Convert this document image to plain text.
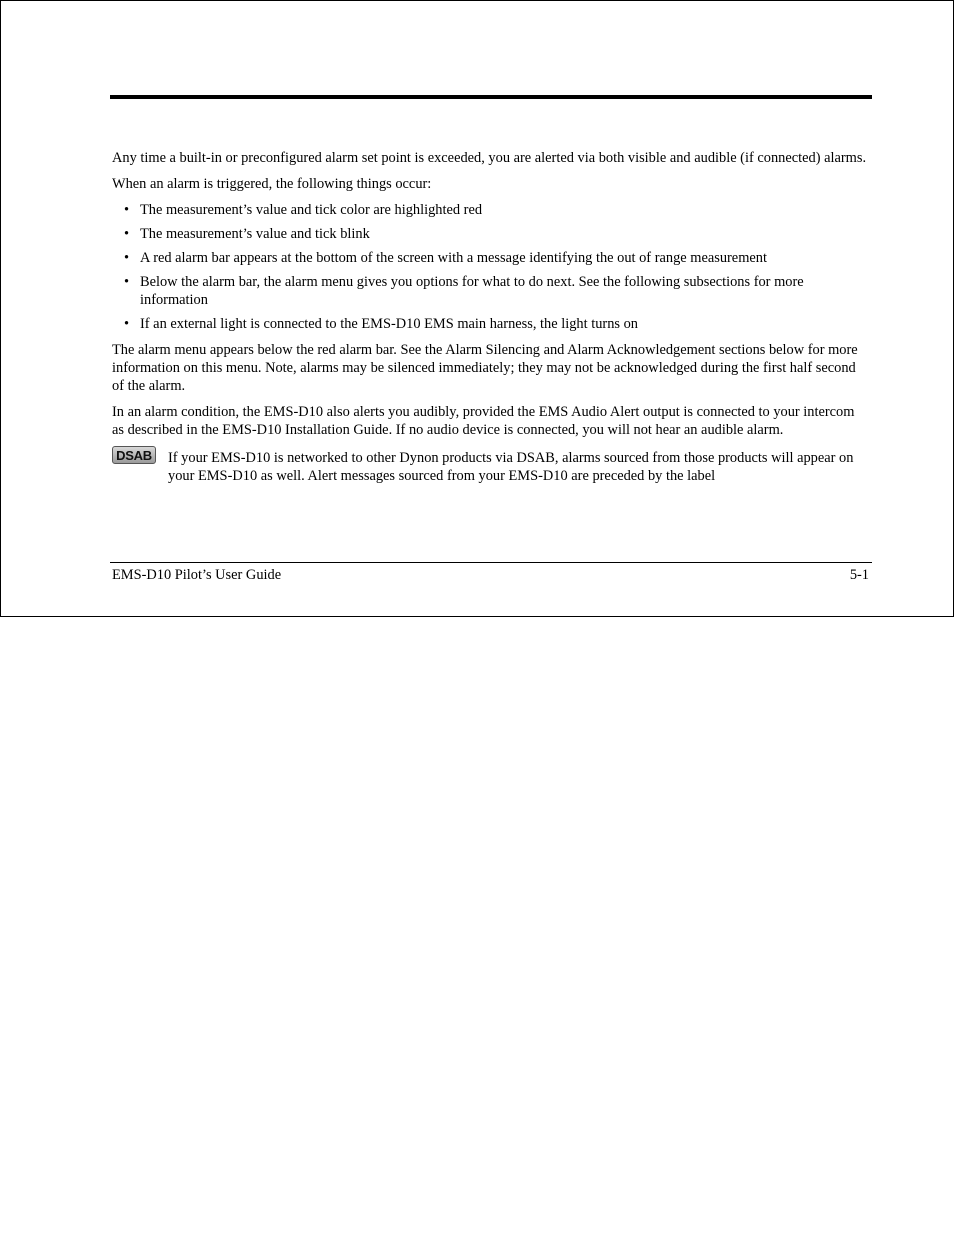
Any time a built-in or preconfigured alarm set point is exceeded, you are alerted via both visible and audible (if connected) alarms.

When an alarm is triggered, the following things occur:

• The measurement’s value and tick color are highlighted red
• The measurement’s value and tick blink
• A red alarm bar appears at the bottom of the screen with a message identifying the out of range measurement
• Below the alarm bar, the alarm menu gives you options for what to do next. See the following subsections for more information
• If an external light is connected to the EMS-D10 EMS main harness, the light turns on

The alarm menu appears below the red alarm bar. See the Alarm Silencing and Alarm Acknowledgement sections below for more information on this menu. Note, alarms may be silenced immediately; they may not be acknowledged during the first half second of the alarm.

In an alarm condition, the EMS-D10 also alerts you audibly, provided the EMS Audio Alert output is connected to your intercom as described in the EMS-D10 Installation Guide. If no audio device is connected, you will not hear an audible alarm.

DSAB If your EMS-D10 is networked to other Dynon products via DSAB, alarms sourced from those products will appear on your EMS-D10 as well. Alert messages sourced from your EMS-D10 are preceded by the label
EMS-D10 Pilot’s User Guide	5-1
